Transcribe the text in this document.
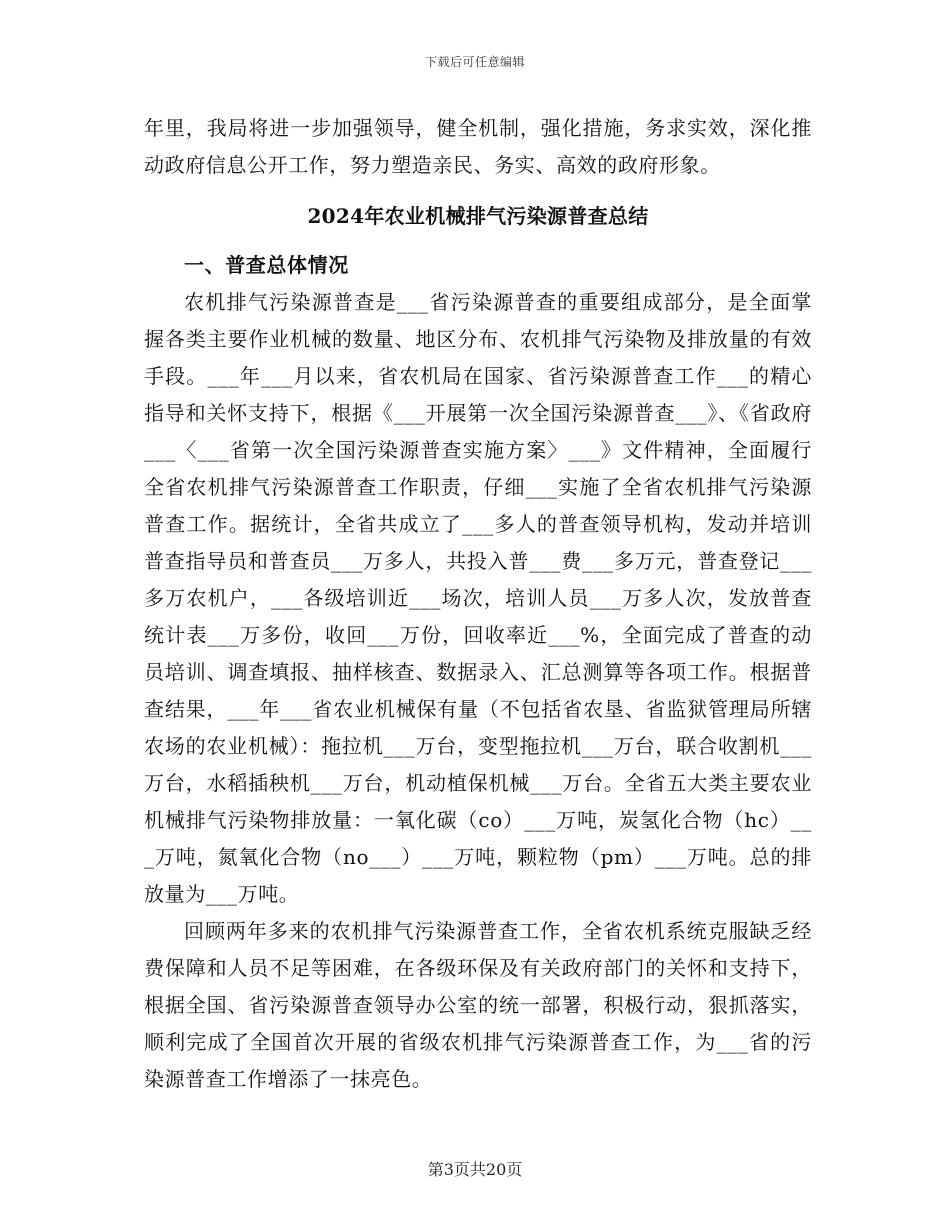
下载后可任意编辑

年里，我局将进一步加强领导，健全机制，强化措施，务求实效，深化推动政府信息公开工作，努力塑造亲民、务实、高效的政府形象。

2024年农业机械排气污染源普查总结
一、普查总体情况

农机排气污染源普查是___省污染源普查的重要组成部分，是全面掌握各类主要作业机械的数量、地区分布、农机排气污染物及排放量的有效手段。___年___月以来，省农机局在国家、省污染源普查工作___的精心指导和关怀支持下，根据《___开展第一次全国污染源普查___》、《省政府___〈___省第一次全国污染源普查实施方案〉___》文件精神，全面履行全省农机排气污染源普查工作职责，仔细___实施了全省农机排气污染源普查工作。据统计，全省共成立了___多人的普查领导机构，发动并培训普查指导员和普查员___万多人，共投入普___费___多万元，普查登记___多万农机户，___各级培训近___场次，培训人员___万多人次，发放普查统计表___万多份，收回___万份，回收率近___%，全面完成了普查的动员培训、调查填报、抽样核查、数据录入、汇总测算等各项工作。根据普查结果，___年___省农业机械保有量（不包括省农垦、省监狱管理局所辖农场的农业机械）：拖拉机___万台，变型拖拉机___万台，联合收割机___万台，水稻插秧机___万台，机动植保机械___万台。全省五大类主要农业机械排气污染物排放量：一氧化碳（co）___万吨，炭氢化合物（hc）___万吨，氮氧化合物（no___）___万吨，颗粒物（pm）___万吨。总的排放量为___万吨。

回顾两年多来的农机排气污染源普查工作，全省农机系统克服缺乏经费保障和人员不足等困难，在各级环保及有关政府部门的关怀和支持下，根据全国、省污染源普查领导办公室的统一部署，积极行动，狠抓落实，顺利完成了全国首次开展的省级农机排气污染源普查工作，为___省的污染源普查工作增添了一抹亮色。

第3页共20页
